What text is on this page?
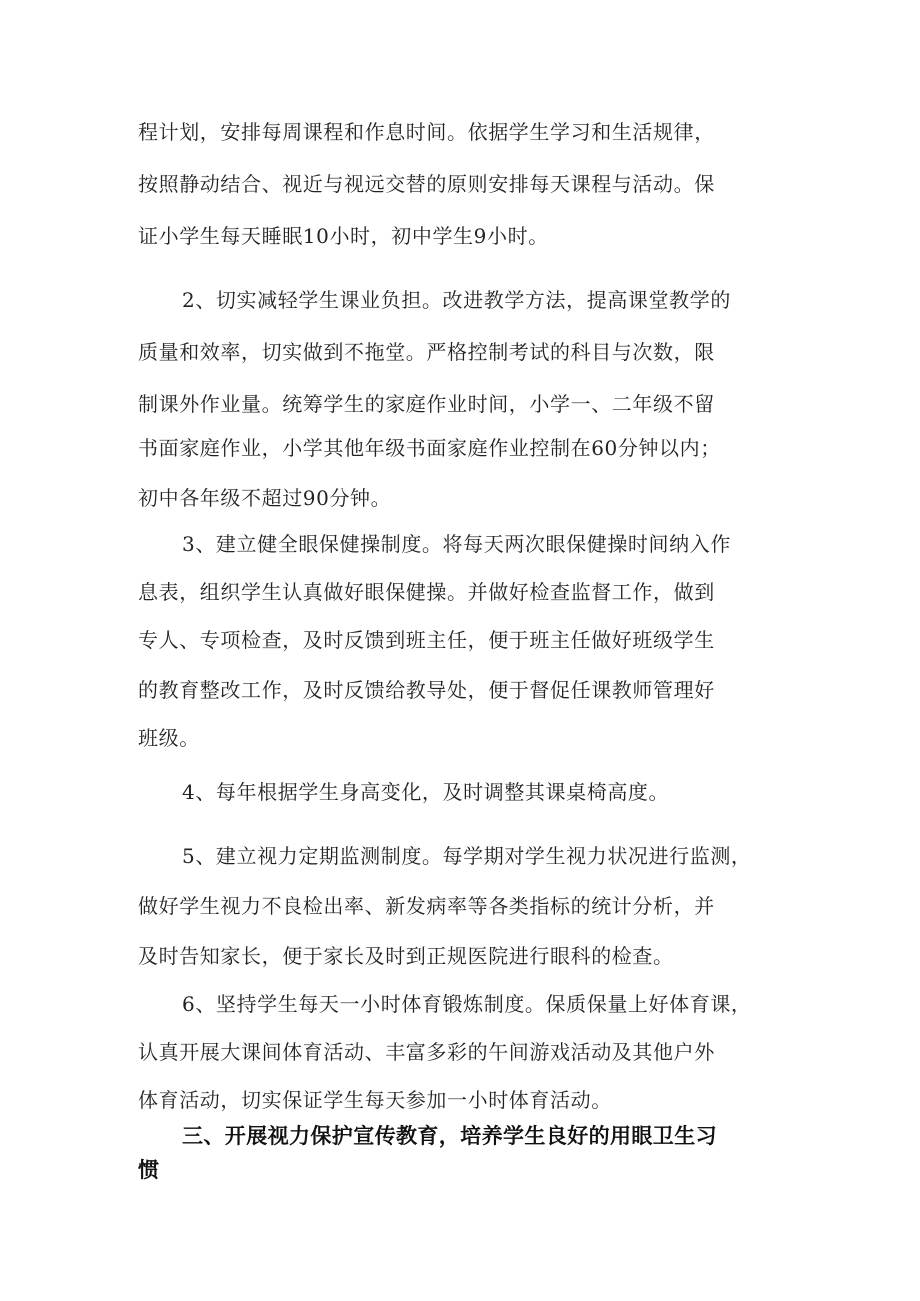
程计划，安排每周课程和作息时间。依据学生学习和生活规律，

按照静动结合、视近与视远交替的原则安排每天课程与活动。保

证小学生每天睡眠10小时，初中学生9小时。

2、切实减轻学生课业负担。改进教学方法，提高课堂教学的

质量和效率，切实做到不拖堂。严格控制考试的科目与次数，限

制课外作业量。统筹学生的家庭作业时间，小学一、二年级不留

书面家庭作业，小学其他年级书面家庭作业控制在60分钟以内；

初中各年级不超过90分钟。

3、建立健全眼保健操制度。将每天两次眼保健操时间纳入作

息表，组织学生认真做好眼保健操。并做好检查监督工作，做到

专人、专项检查，及时反馈到班主任，便于班主任做好班级学生

的教育整改工作，及时反馈给教导处，便于督促任课教师管理好

班级。

4、每年根据学生身高变化，及时调整其课桌椅高度。

5、建立视力定期监测制度。每学期对学生视力状况进行监测，

做好学生视力不良检出率、新发病率等各类指标的统计分析，并

及时告知家长，便于家长及时到正规医院进行眼科的检查。

6、坚持学生每天一小时体育锻炼制度。保质保量上好体育课，

认真开展大课间体育活动、丰富多彩的午间游戏活动及其他户外

体育活动，切实保证学生每天参加一小时体育活动。

三、开展视力保护宣传教育，培养学生良好的用眼卫生习

惯
